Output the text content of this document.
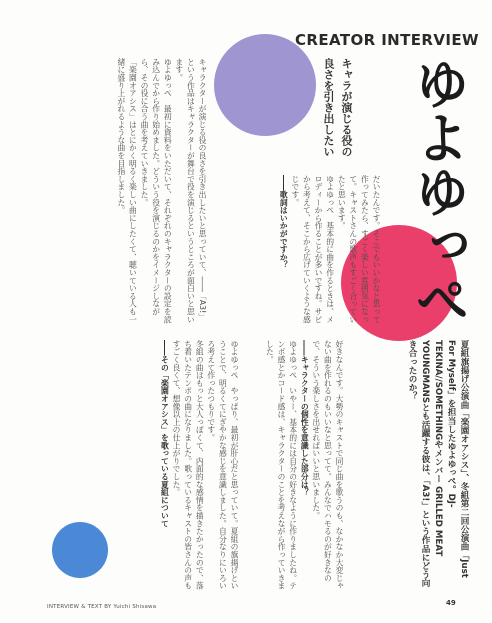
CREATOR INTERVIEW
ゆよゆっぺ
キャラが演じる役の
良さを引き出したい
夏組旗揚げ公演曲「楽園オアシス」、冬組第二回公演曲「Just For Myself」を担当したゆよゆっぺ。DJ-TEKINA//SOMETHINGやメンバー GRILLED MEAT YOUNGMANSとも活躍する彼は、「A3!」という作品にどう向き合ったのか？

好きなんです。大勢のキャストで同じ曲を歌うのも、なかなか大変じゃない曲を作れるのもいいなと思ってて。みんなでハモるのが好きなので、そういう楽しさを出せればいいと思いました。

――キャラクターの個性を意識した部分は？

ゆよゆっぺ　いやー、基本的には自分の好きなように作りましたね。テンポ感とかコード感は、キャラクターのことを考えながら作っていきました。

ゆよゆっぺ　やっぱり、最初が肝心だと思っていて。夏組の旗揚げということで、明るくてにぎやかな感じを意識しました。自分なりにいろいろ考えて作ったつもりです。

冬組の曲はもっと大人っぽくて、内面的な感情を描きたかったので、落ち着いたテンポの曲になりました。歌っているキャストの皆さんの声もすごく良くて、想像以上の仕上がりでした。

――その「楽園オアシス」を歌っている夏組について

だいたんです。そこでもいいかなと思って作ってみたら、すごく楽しい雰囲気になって。キャストさんの歌声もすごく合っていたと思います。

ゆよゆっぺ　基本的に曲を作るときは、メロディーから作ることが多いですね。サビから考えて、そこから広げていくような感じです。

――歌詞はいかがですか？

キャラクターが演じる役の良さを引き出したいと思っていて、――「A3!」という作品はキャラクターが舞台で役を演じるというところが面白いと思います。

ゆよゆっぺ　最初に資料をいただいて、それぞれのキャラクターの設定を読み込んでから作り始めました。どういう役を演じるのかをイメージしながら、その役に合う曲を考えていきました。

「楽園オアシス」はとにかく明るく楽しい曲にしたくて、聴いている人も一緒に盛り上がれるような曲を目指しました。

INTERVIEW & TEXT BY Yuichi Shisawa	49
